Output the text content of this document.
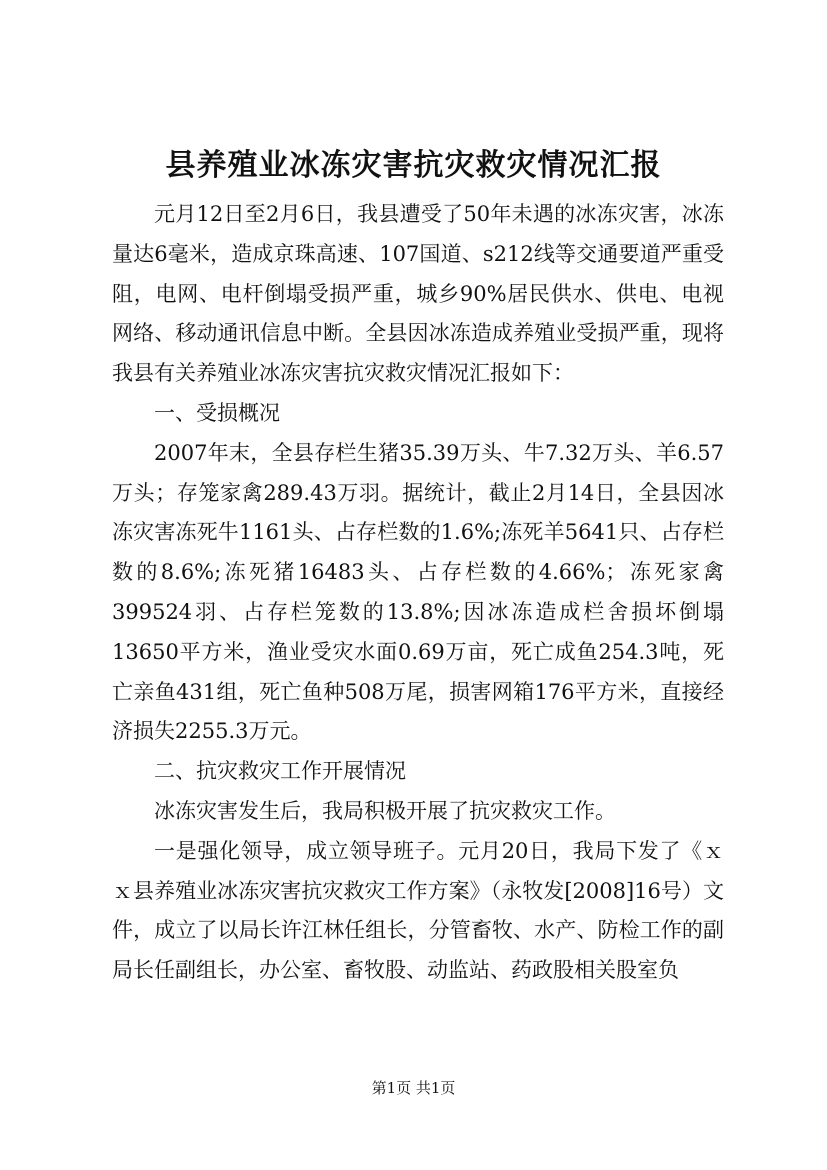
县养殖业冰冻灾害抗灾救灾情况汇报

元月12日至2月6日，我县遭受了50年未遇的冰冻灾害，冰冻量达6毫米，造成京珠高速、107国道、s212线等交通要道严重受阻，电网、电杆倒塌受损严重，城乡90%居民供水、供电、电视网络、移动通讯信息中断。全县因冰冻造成养殖业受损严重，现将我县有关养殖业冰冻灾害抗灾救灾情况汇报如下：

一、受损概况

2007年末，全县存栏生猪35.39万头、牛7.32万头、羊6.57万头；存笼家禽289.43万羽。据统计，截止2月14日，全县因冰冻灾害冻死牛1161头、占存栏数的1.6%;冻死羊5641只、占存栏数的8.6%;冻死猪16483头、占存栏数的4.66%；冻死家禽399524羽、占存栏笼数的13.8%;因冰冻造成栏舍损坏倒塌13650平方米，渔业受灾水面0.69万亩，死亡成鱼254.3吨，死亡亲鱼431组，死亡鱼种508万尾，损害网箱176平方米，直接经济损失2255.3万元。

二、抗灾救灾工作开展情况

冰冻灾害发生后，我局积极开展了抗灾救灾工作。

一是强化领导，成立领导班子。元月20日，我局下发了《ｘｘ县养殖业冰冻灾害抗灾救灾工作方案》（永牧发[2008]16号）文件，成立了以局长许江林任组长，分管畜牧、水产、防检工作的副局长任副组长，办公室、畜牧股、动监站、药政股相关股室负

第1页 共1页
